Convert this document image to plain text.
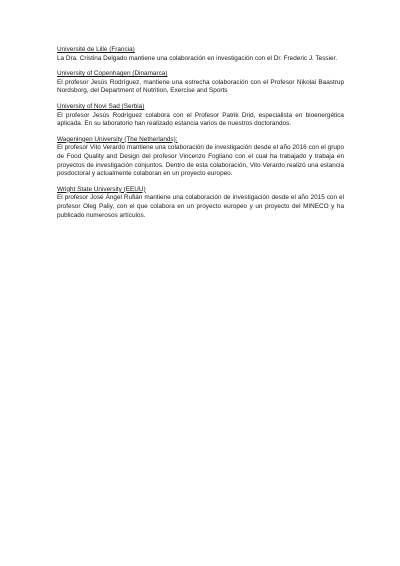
Université de Lille (Francia)

La Dra. Cristina Delgado mantiene una colaboración en investigación con el Dr. Frederic J. Tessier.

University of Copenhagen (Dinamarca)

El profesor Jesús Rodríguez, mantiene una estrecha colaboración con el Profesor Nikolai Baastrup Nordsborg, del Department of Nutrition, Exercise and Sports

University of Novi Sad (Serbia)

El profesor Jesús Rodríguez colabora con el Profesor Patrik Drid, especialista en bioenergética aplicada. En su laboratorio han realizado estancia varios de nuestros doctorandos.

Wageningen University (The Netherlands):

El profesor Vito Verardo mantiene una colaboración de investigación desde el año 2016 con el grupo de Food Quality and Design del profesor Vincenzo Fogliano con el cual ha trabajado y trabaja en proyectos de investigación conjuntos. Dentro de esta colaboración, Vito Verardo realizó una estancia posdoctoral y actualmente colaboran en un proyecto europeo.

Wright State University (EEUU)

El profesor José Ángel Rufián mantiene una colaboración de investigación desde el año 2015 con el profesor Oleg Paliy, con el que colabora en un proyecto europeo y un proyecto del MINECO y ha publicado numerosos artículos.
